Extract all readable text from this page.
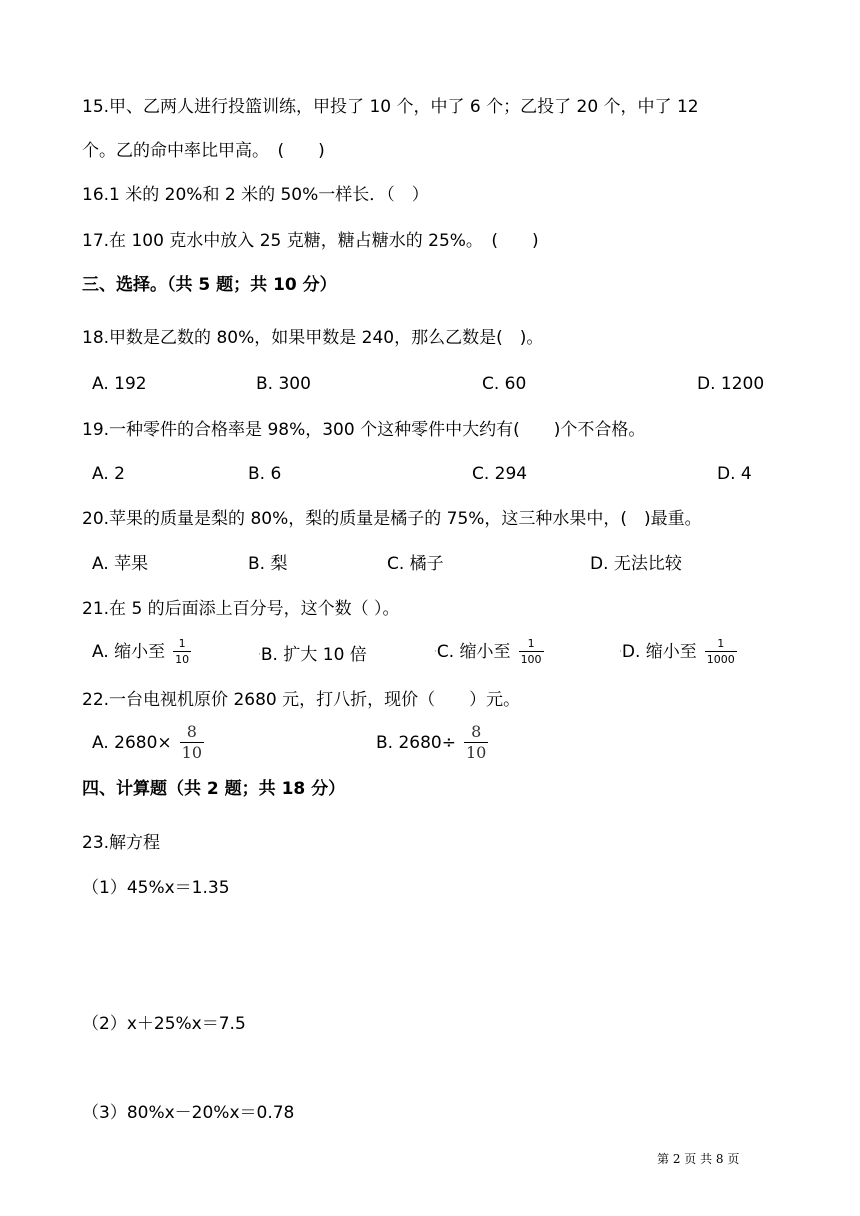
15.甲、乙两人进行投篮训练，甲投了 10 个，中了 6 个；乙投了 20 个，中了 12
个。乙的命中率比甲高。　(　　)
16.1 米的 20%和 2 米的 50%一样长．（　）
17.在 100 克水中放入 25 克糖，糖占糖水的 25%。　(　　)
三、选择。（共 5 题；共 10 分）
18.甲数是乙数的 80%，如果甲数是 240，那么乙数是(　)。
A. 192	B. 300	C. 60	D. 1200
19.一种零件的合格率是 98%，300 个这种零件中大约有(　　)个不合格。
A. 2	B. 6	C. 294	D. 4
20.苹果的质量是梨的 80%，梨的质量是橘子的 75%，这三种水果中，(　)最重。
A. 苹果	B. 梨	C. 橘子	D. 无法比较
21.在 5 的后面添上百分号，这个数（ ）。
A. 缩小至 $\frac{1}{10}$	· B. 扩大 10 倍	· C. 缩小至 $\frac{1}{100}$	· D. 缩小至 $\frac{1}{1000}$
22.一台电视机原价 2680 元，打八折，现价（　　）元。
A. $2680\times \frac{8}{10}$	B. $2680\div \frac{8}{10}$
四、计算题（共 2 题；共 18 分）
23.解方程
（1）45%x＝1.35
（2）x＋25%x＝7.5
（3）80%x－20%x＝0.78
第 2 页 共 8 页
